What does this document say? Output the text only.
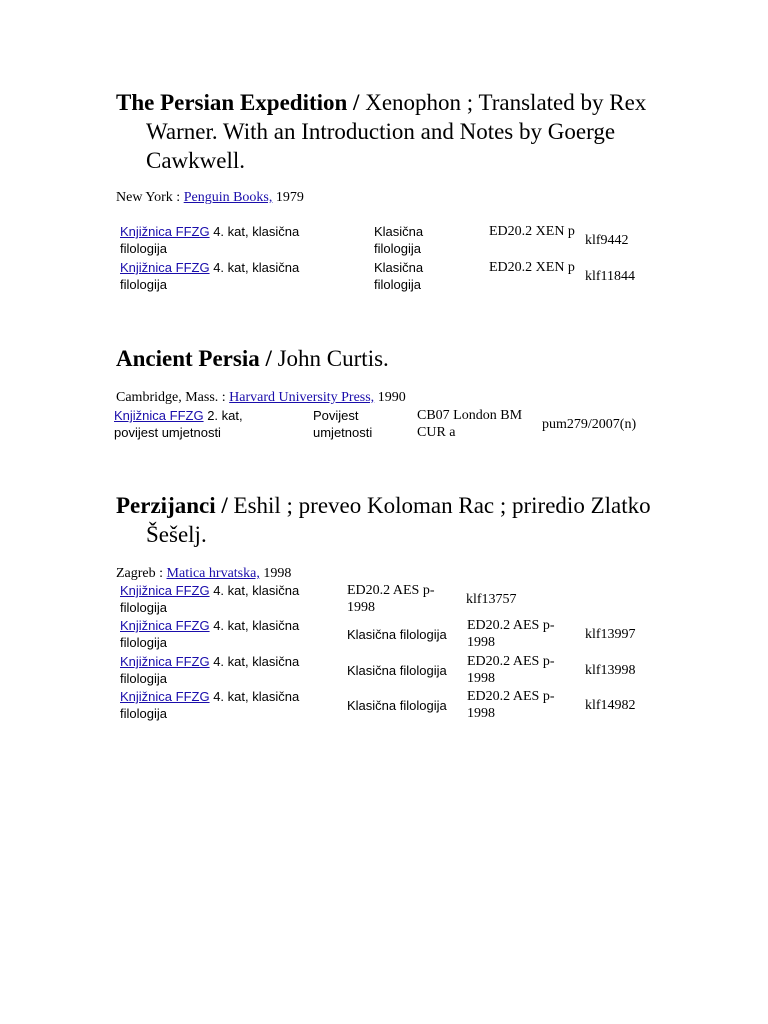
The Persian Expedition / Xenophon ; Translated by Rex Warner. With an Introduction and Notes by Goerge Cawkwell.

New York : Penguin Books, 1979

Knjižnica FFZG 4. kat, klasična filologija
Klasična filologija
ED20.2 XEN p
klf9442
Knjižnica FFZG 4. kat, klasična filologija
Klasična filologija
ED20.2 XEN p
klf11844

Ancient Persia / John Curtis.

Cambridge, Mass. : Harvard University Press, 1990

Knjižnica FFZG 2. kat, povijest umjetnosti
Povijest umjetnosti
CB07 London BM CUR a
pum279/2007(n)

Perzijanci / Eshil ; preveo Koloman Rac ; priredio Zlatko Šešelj.

Zagreb : Matica hrvatska, 1998

Knjižnica FFZG 4. kat, klasična filologija
ED20.2 AES p-1998
klf13757
Knjižnica FFZG 4. kat, klasična filologija
Klasična filologija
ED20.2 AES p-1998
klf13997
Knjižnica FFZG 4. kat, klasična filologija
Klasična filologija
ED20.2 AES p-1998
klf13998
Knjižnica FFZG 4. kat, klasična filologija
Klasična filologija
ED20.2 AES p-1998
klf14982
